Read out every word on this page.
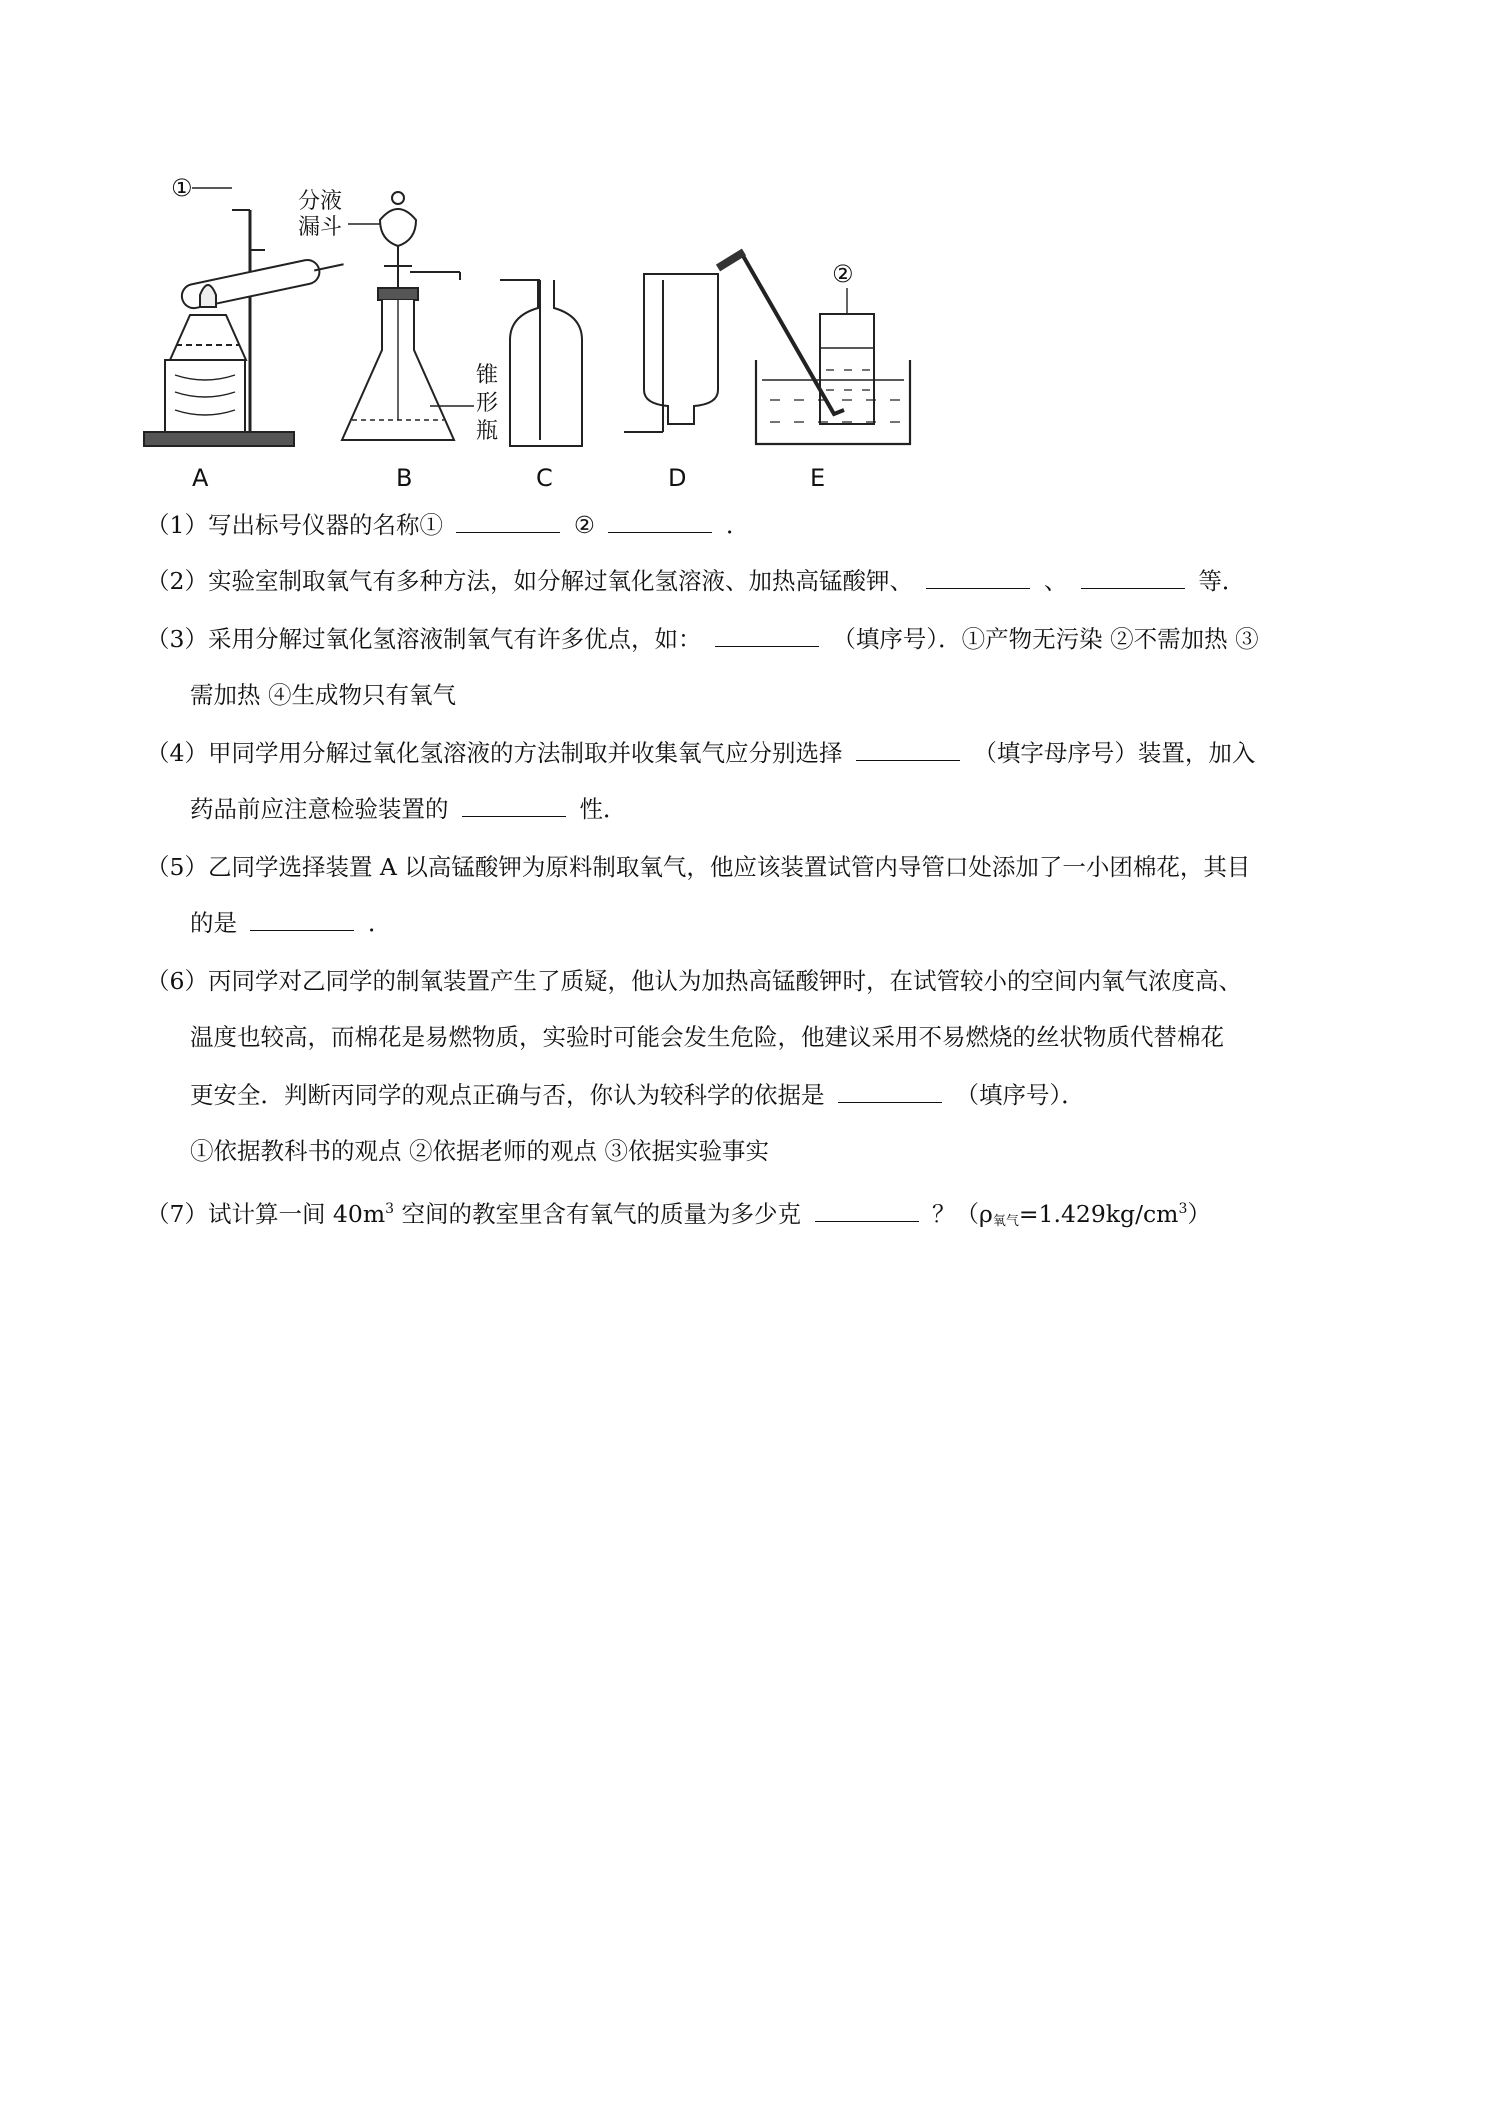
①
A
分液
漏斗
锥
形
瓶
B	C	D
②
E
（1）写出标号仪器的名称①	②	．
（2）实验室制取氧气有多种方法，如分解过氧化氢溶液、加热高锰酸钾、	、	等．
（3）采用分解过氧化氢溶液制氧气有许多优点，如：	（填序号）．①产物无污染 ②不需加热 ③
需加热 ④生成物只有氧气
（4）甲同学用分解过氧化氢溶液的方法制取并收集氧气应分别选择	（填字母序号）装置，加入
药品前应注意检验装置的	性．
（5）乙同学选择装置 A 以高锰酸钾为原料制取氧气，他应该装置试管内导管口处添加了一小团棉花，其目
的是	．
（6）丙同学对乙同学的制氧装置产生了质疑，他认为加热高锰酸钾时，在试管较小的空间内氧气浓度高、
温度也较高，而棉花是易燃物质，实验时可能会发生危险，他建议采用不易燃烧的丝状物质代替棉花
更安全．判断丙同学的观点正确与否，你认为较科学的依据是	（填序号）．
①依据教科书的观点 ②依据老师的观点 ③依据实验事实
（7）试计算一间 $40m^3$ 空间的教室里含有氧气的质量为多少克	？$(\rho_{氧气}=1.429kg/cm^3)$
